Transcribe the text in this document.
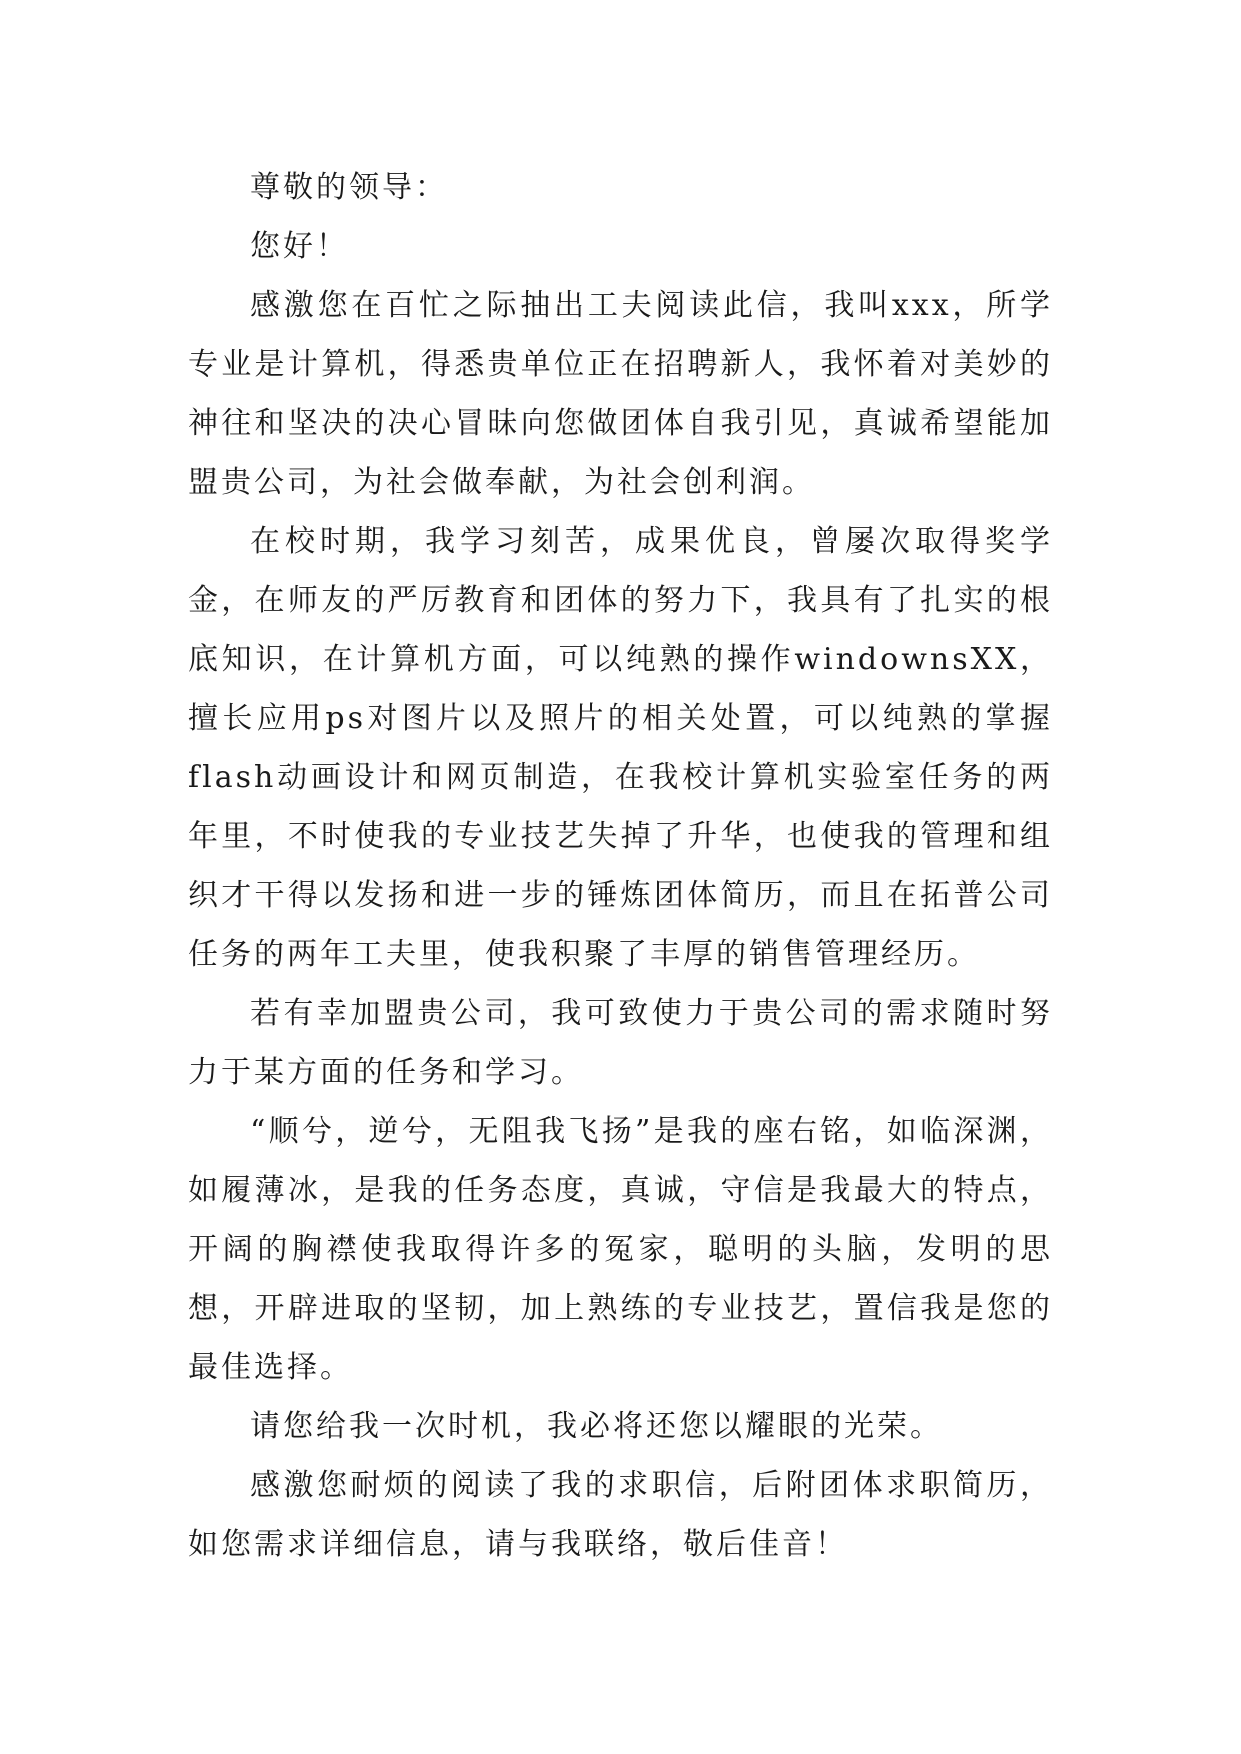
尊敬的领导：

您好！

感激您在百忙之际抽出工夫阅读此信，我叫xxx，所学专业是计算机，得悉贵单位正在招聘新人，我怀着对美妙的神往和坚决的决心冒昧向您做团体自我引见，真诚希望能加盟贵公司，为社会做奉献，为社会创利润。

在校时期，我学习刻苦，成果优良，曾屡次取得奖学金，在师友的严厉教育和团体的努力下，我具有了扎实的根底知识，在计算机方面，可以纯熟的操作windownsXX，擅长应用ps对图片以及照片的相关处置，可以纯熟的掌握flash动画设计和网页制造，在我校计算机实验室任务的两年里，不时使我的专业技艺失掉了升华，也使我的管理和组织才干得以发扬和进一步的锤炼团体简历，而且在拓普公司任务的两年工夫里，使我积聚了丰厚的销售管理经历。

若有幸加盟贵公司，我可致使力于贵公司的需求随时努力于某方面的任务和学习。

“顺兮，逆兮，无阻我飞扬”是我的座右铭，如临深渊，如履薄冰，是我的任务态度，真诚，守信是我最大的特点，开阔的胸襟使我取得许多的冤家，聪明的头脑，发明的思想，开辟进取的坚韧，加上熟练的专业技艺，置信我是您的最佳选择。

请您给我一次时机，我必将还您以耀眼的光荣。

感激您耐烦的阅读了我的求职信，后附团体求职简历，如您需求详细信息，请与我联络，敬后佳音！
